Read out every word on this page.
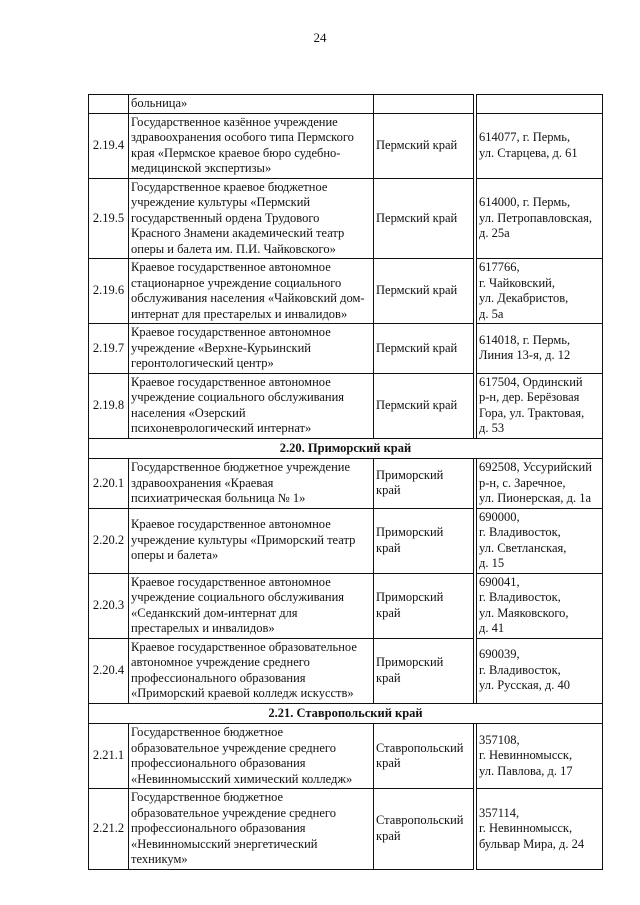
24
	больница»			
2.19.4	Государственное казённое учреждение
здравоохранения особого типа Пермского
края «Пермское краевое бюро судебно-
медицинской экспертизы»	Пермский край		614077, г. Пермь,
ул. Старцева, д. 61
2.19.5	Государственное краевое бюджетное
учреждение культуры «Пермский
государственный ордена Трудового
Красного Знамени академический театр
оперы и балета им. П.И. Чайковского»	Пермский край		614000, г. Пермь,
ул. Петропавловская,
д. 25а
2.19.6	Краевое государственное автономное
стационарное учреждение социального
обслуживания населения «Чайковский дом-
интернат для престарелых и инвалидов»	Пермский край		617766,
г. Чайковский,
ул. Декабристов,
д. 5а
2.19.7	Краевое государственное автономное
учреждение «Верхне-Курьинский
геронтологический центр»	Пермский край		614018, г. Пермь,
Линия 13-я, д. 12
2.19.8	Краевое государственное автономное
учреждение социального обслуживания
населения «Озерский
психоневрологический интернат»	Пермский край		617504, Ординский
р-н, дер. Берёзовая
Гора, ул. Трактовая,
д. 53
2.20. Приморский край				
2.20.1	Государственное бюджетное учреждение
здравоохранения «Краевая
психиатрическая больница № 1»	Приморский край		692508, Уссурийский
р-н, с. Заречное,
ул. Пионерская, д. 1а
2.20.2	Краевое государственное автономное
учреждение культуры «Приморский театр
оперы и балета»	Приморский край		690000,
г. Владивосток,
ул. Светланская,
д. 15
2.20.3	Краевое государственное автономное
учреждение социального обслуживания
«Седанкский дом-интернат для
престарелых и инвалидов»	Приморский край		690041,
г. Владивосток,
ул. Маяковского,
д. 41
2.20.4	Краевое государственное образовательное
автономное учреждение среднего
профессионального образования
«Приморский краевой колледж искусств»	Приморский край		690039,
г. Владивосток,
ул. Русская, д. 40
2.21. Ставропольский край				
2.21.1	Государственное бюджетное
образовательное учреждение среднего
профессионального образования
«Невинномысский химический колледж»	Ставропольский
край		357108,
г. Невинномысск,
ул. Павлова, д. 17
2.21.2	Государственное бюджетное
образовательное учреждение среднего
профессионального образования
«Невинномысский энергетический
техникум»	Ставропольский
край		357114,
г. Невинномысск,
бульвар Мира, д. 24
